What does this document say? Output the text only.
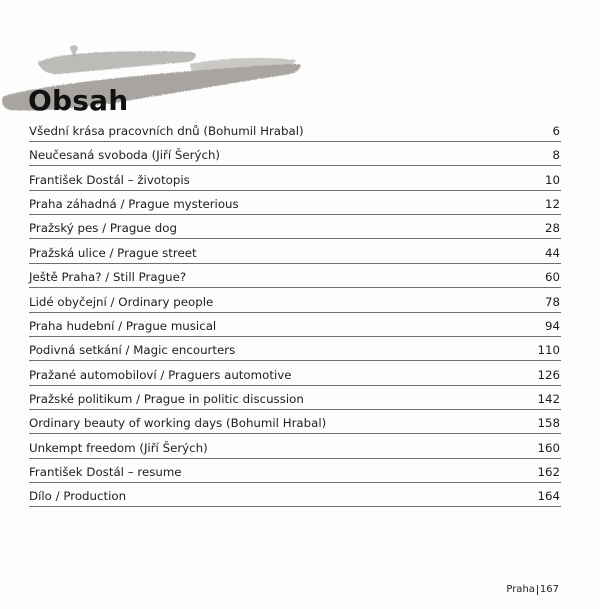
Obsah
Všední krása pracovních dnů (Bohumil Hrabal)	6
Neučesaná svoboda (Jiří Šerých)	8
František Dostál – životopis	10
Praha záhadná / Prague mysterious	12
Pražský pes / Prague dog	28
Pražská ulice / Prague street	44
Ještě Praha? / Still Prague?	60
Lidé obyčejní / Ordinary people	78
Praha hudební / Prague musical	94
Podivná setkání / Magic encourters	110
Pražané automobiloví / Praguers automotive	126
Pražské politikum / Prague in politic discussion	142
Ordinary beauty of working days (Bohumil Hrabal)	158
Unkempt freedom (Jiří Šerých)	160
František Dostál – resume	162
Dílo / Production	164
Praha 167
